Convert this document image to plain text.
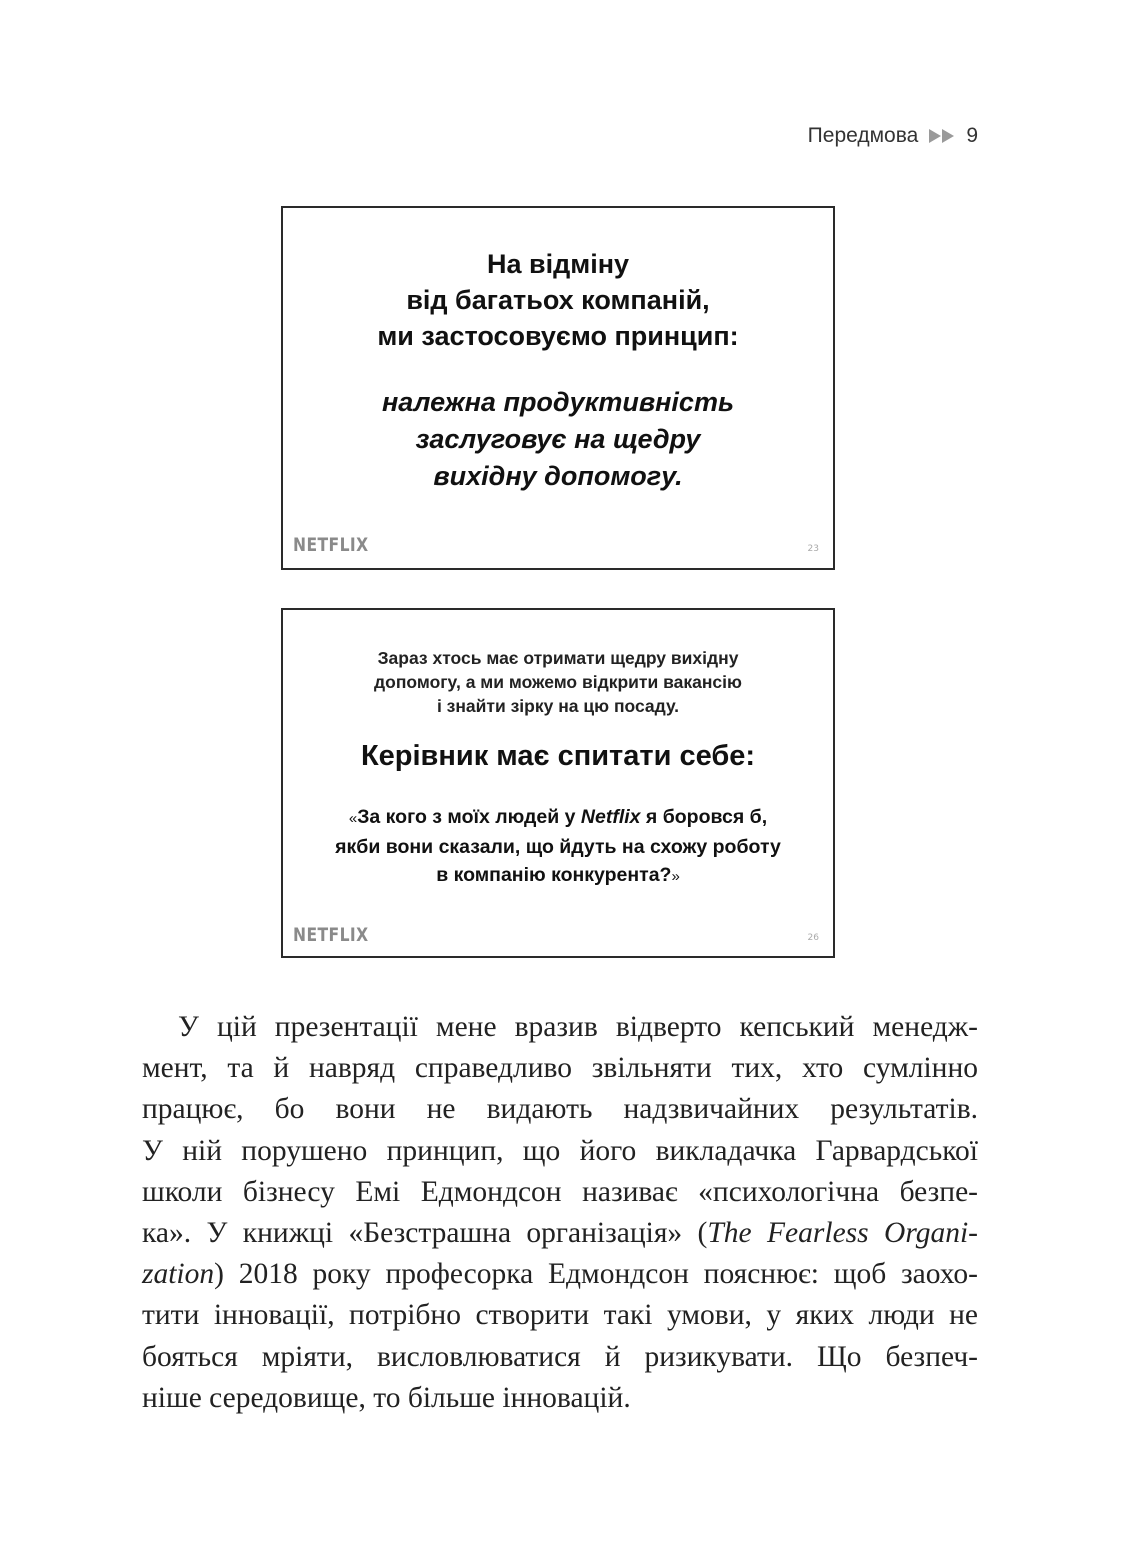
Передмова 9
На відміну
від багатьох компаній,
ми застосовуємо принцип:
належна продуктивність
заслуговує на щедру
вихідну допомогу.
NETFLIX	23
Зараз хтось має отримати щедру вихідну
допомогу, а ми можемо відкрити вакансію
і знайти зірку на цю посаду.
Керівник має спитати себе:
«За кого з моїх людей у Netflix я боровся б,
якби вони сказали, що йдуть на схожу роботу
в компанію конкурента?»
NETFLIX	26
У цій презентації мене вразив відверто кепський менедж-
мент, та й навряд справедливо звільняти тих, хто сумлінно
працює, бо вони не видають надзвичайних результатів.
У ній порушено принцип, що його викладачка Гарвардської
школи бізнесу Емі Едмондсон називає «психологічна безпе-
ка». У книжці «Безстрашна організація» (The Fearless Organi-
zation) 2018 року професорка Едмондсон пояснює: щоб заохо-
тити інновації, потрібно створити такі умови, у яких люди не
бояться мріяти, висловлюватися й ризикувати. Що безпеч-
ніше середовище, то більше інновацій.
